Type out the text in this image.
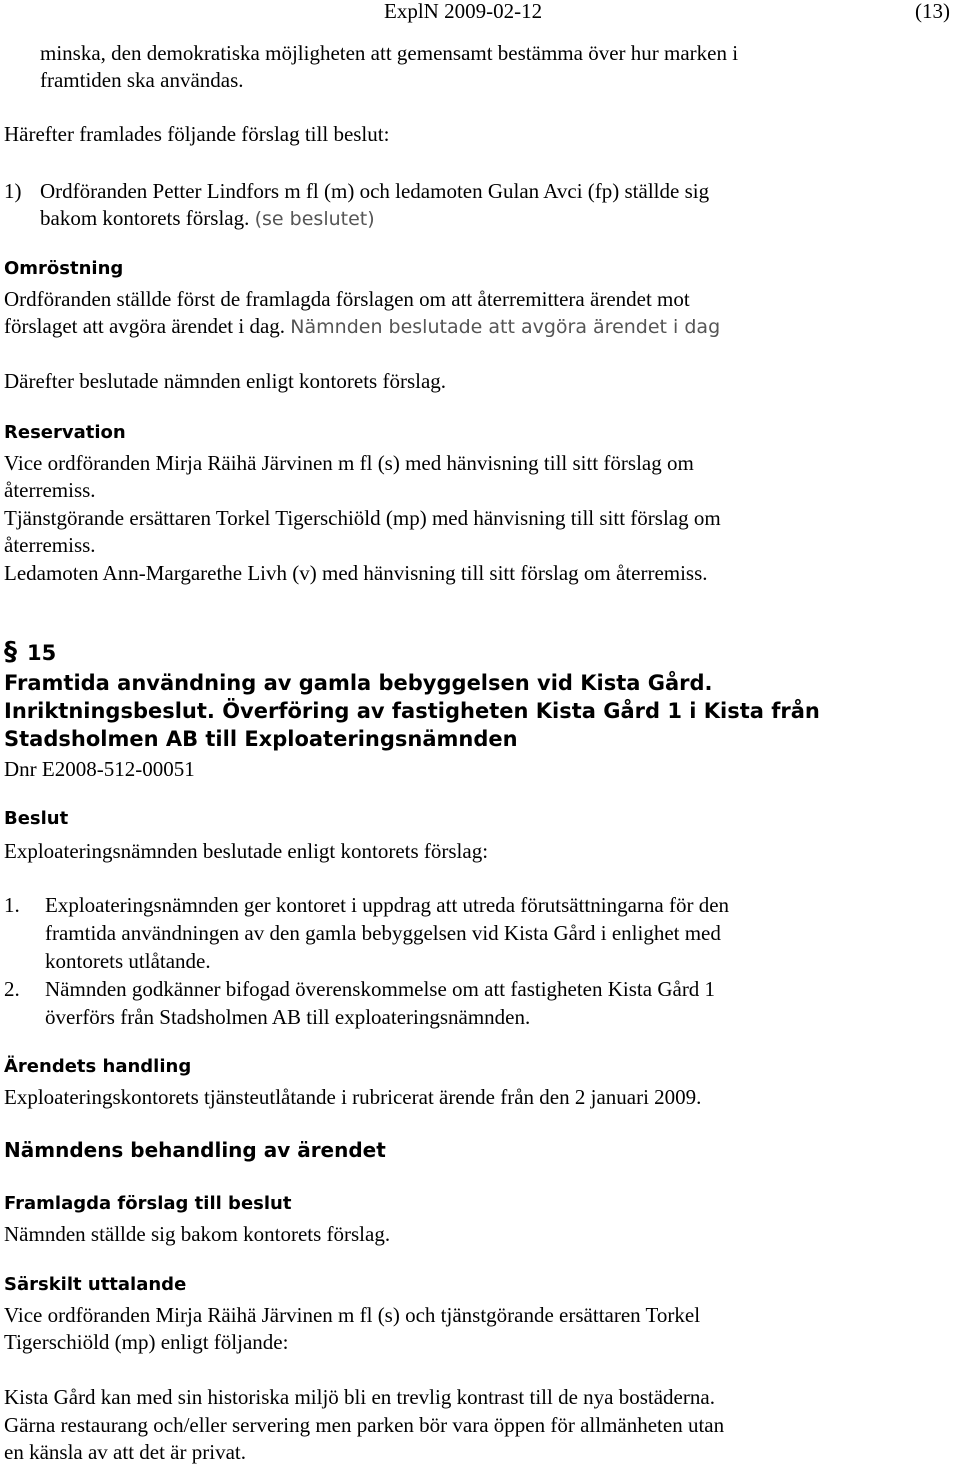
ExplN 2009-02-12	(13)
minska, den demokratiska möjligheten att gemensamt bestämma över hur marken i
framtiden ska användas.
Härefter framlades följande förslag till beslut:
1) Ordföranden Petter Lindfors m fl (m) och ledamoten Gulan Avci (fp) ställde sig
bakom kontorets förslag. (se beslutet)
Omröstning
Ordföranden ställde först de framlagda förslagen om att återremittera ärendet mot
förslaget att avgöra ärendet i dag. Nämnden beslutade att avgöra ärendet i dag
Därefter beslutade nämnden enligt kontorets förslag.
Reservation
Vice ordföranden Mirja Räihä Järvinen m fl (s) med hänvisning till sitt förslag om
återremiss.
Tjänstgörande ersättaren Torkel Tigerschiöld (mp) med hänvisning till sitt förslag om
återremiss.
Ledamoten Ann-Margarethe Livh (v) med hänvisning till sitt förslag om återremiss.
§ 15
Framtida användning av gamla bebyggelsen vid Kista Gård.
Inriktningsbeslut. Överföring av fastigheten Kista Gård 1 i Kista från
Stadsholmen AB till Exploateringsnämnden
Dnr E2008-512-00051
Beslut
Exploateringsnämnden beslutade enligt kontorets förslag:
1. Exploateringsnämnden ger kontoret i uppdrag att utreda förutsättningarna för den
framtida användningen av den gamla bebyggelsen vid Kista Gård i enlighet med
kontorets utlåtande.
2. Nämnden godkänner bifogad överenskommelse om att fastigheten Kista Gård 1
överförs från Stadsholmen AB till exploateringsnämnden.
Ärendets handling
Exploateringskontorets tjänsteutlåtande i rubricerat ärende från den 2 januari 2009.
Nämndens behandling av ärendet
Framlagda förslag till beslut
Nämnden ställde sig bakom kontorets förslag.
Särskilt uttalande
Vice ordföranden Mirja Räihä Järvinen m fl (s) och tjänstgörande ersättaren Torkel
Tigerschiöld (mp) enligt följande:
Kista Gård kan med sin historiska miljö bli en trevlig kontrast till de nya bostäderna.
Gärna restaurang och/eller servering men parken bör vara öppen för allmänheten utan
en känsla av att det är privat.
